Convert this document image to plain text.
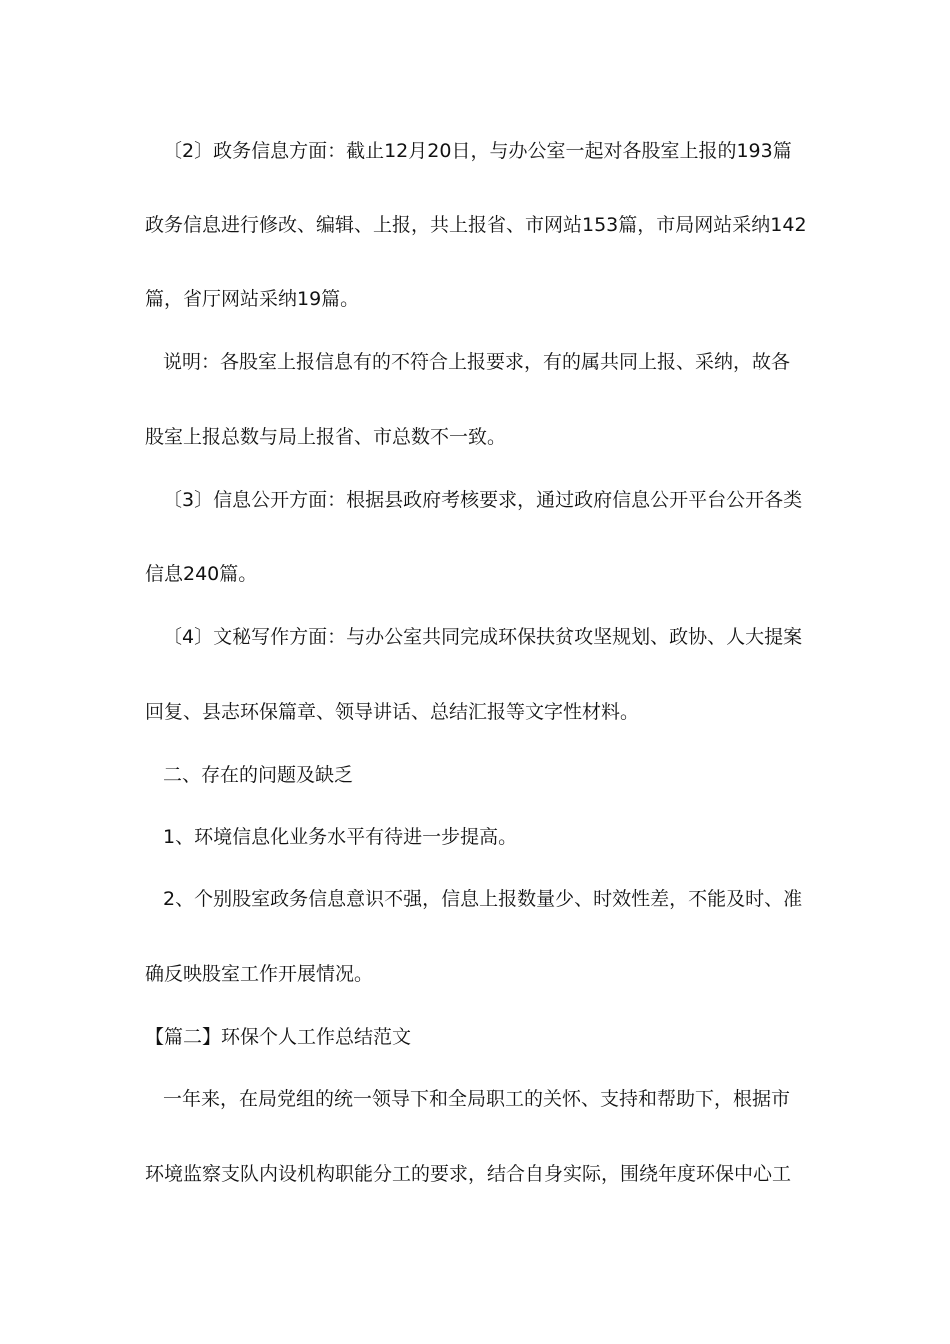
〔2〕政务信息方面：截止12月20日，与办公室一起对各股室上报的193篇
政务信息进行修改、编辑、上报，共上报省、市网站153篇，市局网站采纳142
篇，省厅网站采纳19篇。
说明：各股室上报信息有的不符合上报要求，有的属共同上报、采纳，故各
股室上报总数与局上报省、市总数不一致。
〔3〕信息公开方面：根据县政府考核要求，通过政府信息公开平台公开各类
信息240篇。
〔4〕文秘写作方面：与办公室共同完成环保扶贫攻坚规划、政协、人大提案
回复、县志环保篇章、领导讲话、总结汇报等文字性材料。
二、存在的问题及缺乏
1、环境信息化业务水平有待进一步提高。
2、个别股室政务信息意识不强，信息上报数量少、时效性差，不能及时、准
确反映股室工作开展情况。
【篇二】环保个人工作总结范文
一年来，在局党组的统一领导下和全局职工的关怀、支持和帮助下，根据市
环境监察支队内设机构职能分工的要求，结合自身实际，围绕年度环保中心工
